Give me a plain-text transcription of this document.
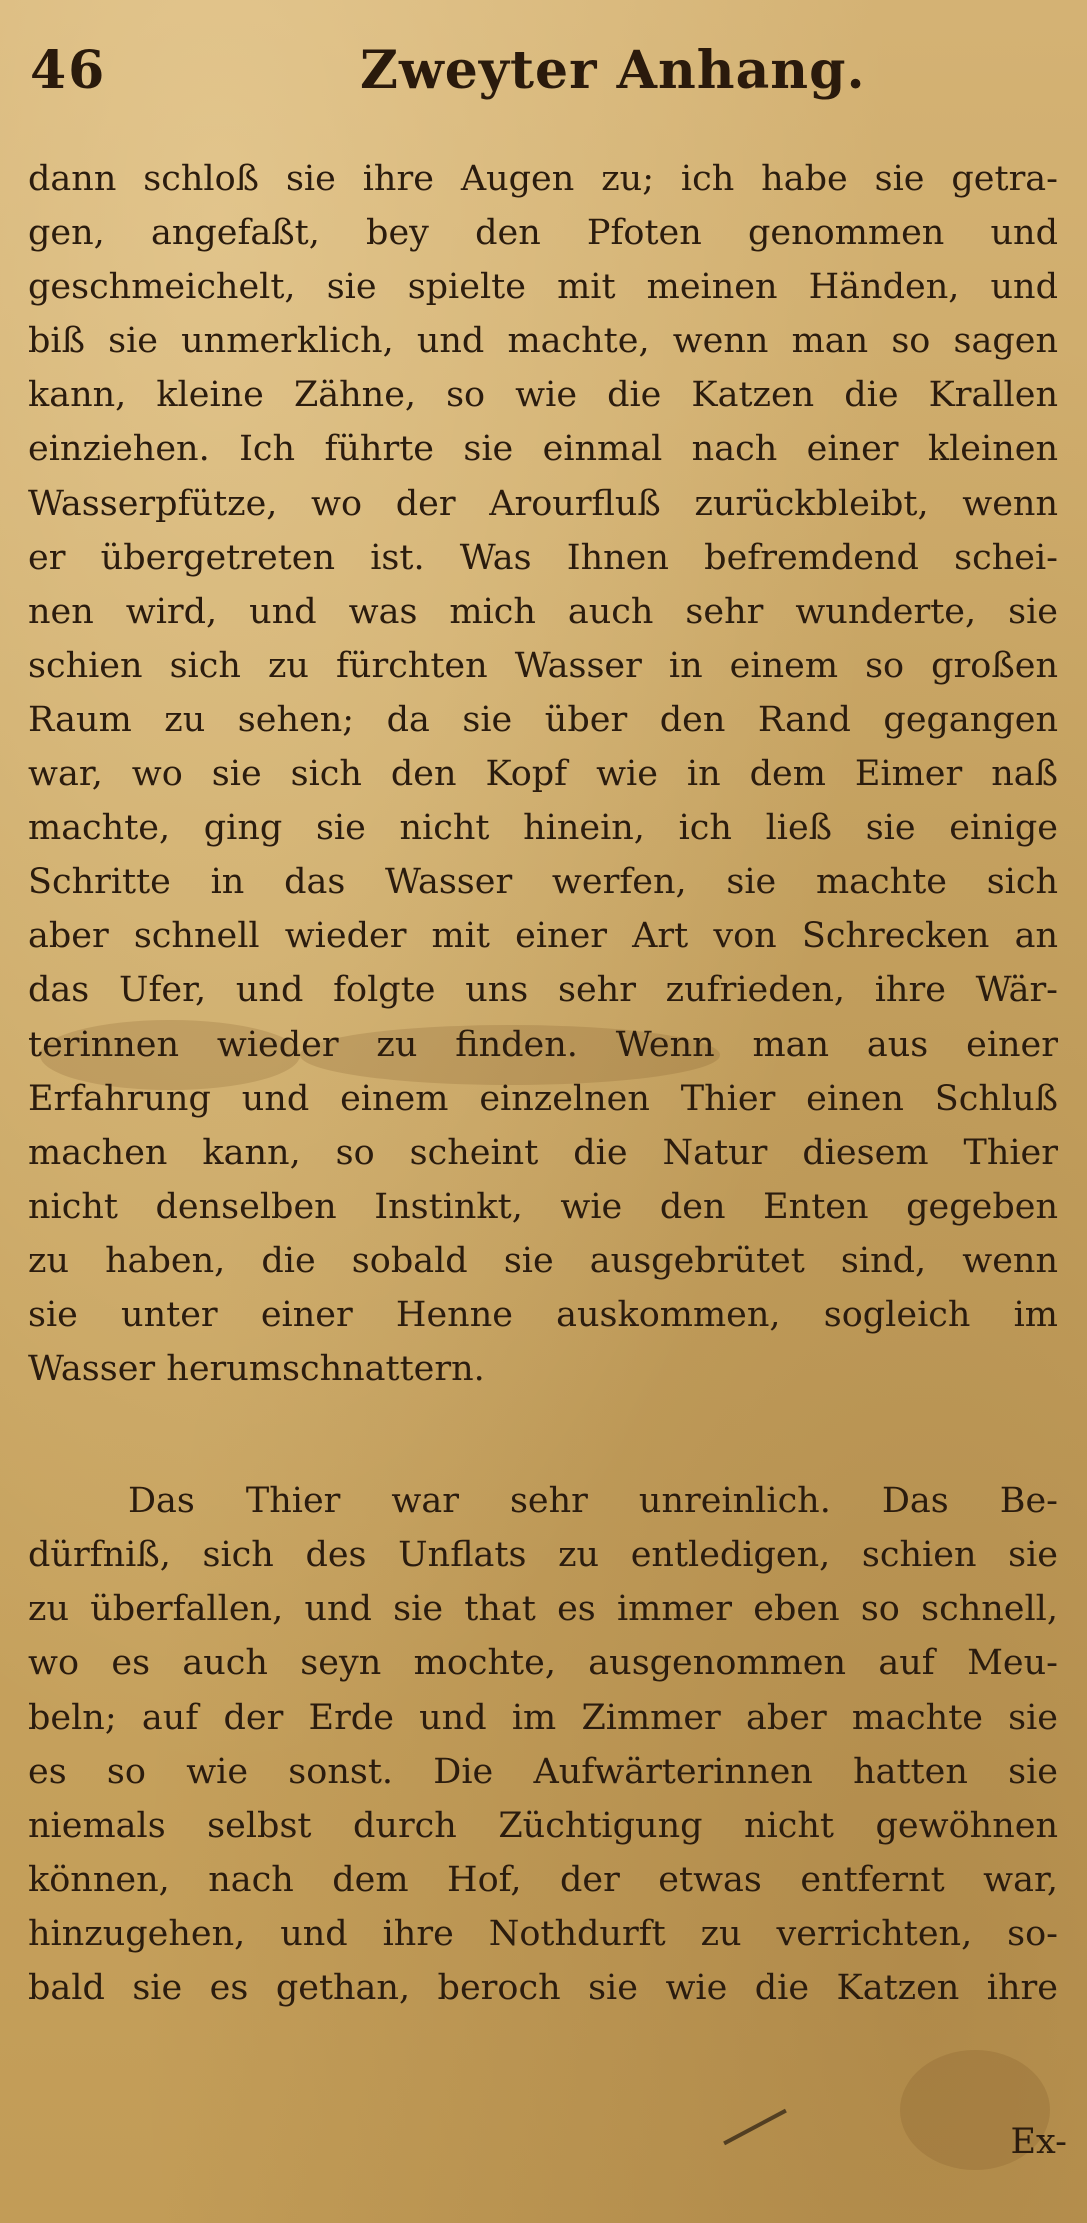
46	Zweyter Anhang.
dann schloß sie ihre Augen zu; ich habe sie getra-
gen, angefaßt, bey den Pfoten genommen und
geschmeichelt, sie spielte mit meinen Händen, und
biß sie unmerklich, und machte, wenn man so sagen
kann, kleine Zähne, so wie die Katzen die Krallen
einziehen. Ich führte sie einmal nach einer kleinen
Wasserpfütze, wo der Arourfluß zurückbleibt, wenn
er übergetreten ist. Was Ihnen befremdend schei-
nen wird, und was mich auch sehr wunderte, sie
schien sich zu fürchten Wasser in einem so großen
Raum zu sehen; da sie über den Rand gegangen
war, wo sie sich den Kopf wie in dem Eimer naß
machte, ging sie nicht hinein, ich ließ sie einige
Schritte in das Wasser werfen, sie machte sich
aber schnell wieder mit einer Art von Schrecken an
das Ufer, und folgte uns sehr zufrieden, ihre Wär-
terinnen wieder zu finden. Wenn man aus einer
Erfahrung und einem einzelnen Thier einen Schluß
machen kann, so scheint die Natur diesem Thier
nicht denselben Instinkt, wie den Enten gegeben
zu haben, die sobald sie ausgebrütet sind, wenn
sie unter einer Henne auskommen, sogleich im
Wasser herumschnattern.
Das Thier war sehr unreinlich. Das Be-
dürfniß, sich des Unflats zu entledigen, schien sie
zu überfallen, und sie that es immer eben so schnell,
wo es auch seyn mochte, ausgenommen auf Meu-
beln; auf der Erde und im Zimmer aber machte sie
es so wie sonst. Die Aufwärterinnen hatten sie
niemals selbst durch Züchtigung nicht gewöhnen
können, nach dem Hof, der etwas entfernt war,
hinzugehen, und ihre Nothdurft zu verrichten, so-
bald sie es gethan, beroch sie wie die Katzen ihre
Ex-
